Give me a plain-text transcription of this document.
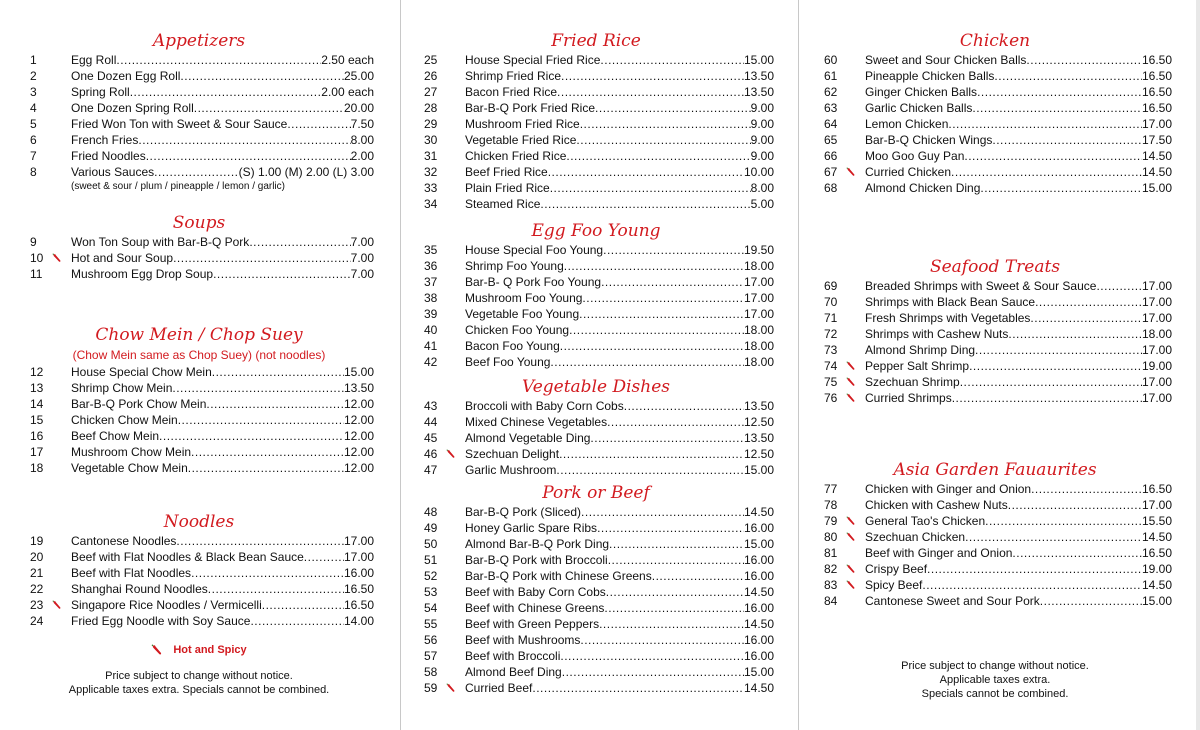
Appetizers
1	Egg Roll .....	2.50 each
2	One Dozen Egg Roll .....	25.00
3	Spring Roll .....	2.00 each
4	One Dozen Spring Roll .....	20.00
5	Fried Won Ton with Sweet & Sour Sauce .....	7.50
6	French Fries .....	8.00
7	Fried Noodles .....	2.00
8	Various Sauces .....	(S) 1.00 (M) 2.00 (L) 3.00
(sweet & sour / plum / pineapple / lemon / garlic)
Soups
9	Won Ton Soup with Bar-B-Q Pork .....	7.00
10	Hot and Sour Soup .....	7.00
11	Mushroom Egg Drop Soup .....	7.00
Chow Mein / Chop Suey
(Chow Mein same as Chop Suey) (not noodles)
12	House Special Chow Mein .....	15.00
13	Shrimp Chow Mein .....	13.50
14	Bar-B-Q Pork Chow Mein .....	12.00
15	Chicken Chow Mein .....	12.00
16	Beef Chow Mein .....	12.00
17	Mushroom Chow Mein .....	12.00
18	Vegetable Chow Mein .....	12.00
Noodles
19	Cantonese Noodles .....	17.00
20	Beef with Flat Noodles & Black Bean Sauce .....	17.00
21	Beef with Flat Noodles .....	16.00
22	Shanghai Round Noodles .....	16.50
23	Singapore Rice Noodles / Vermicelli .....	16.50
24	Fried Egg Noodle with Soy Sauce .....	14.00
Hot and Spicy
Price subject to change without notice.
Applicable taxes extra. Specials cannot be combined.
Fried Rice
25	House Special Fried Rice .....	15.00
26	Shrimp Fried Rice .....	13.50
27	Bacon Fried Rice .....	13.50
28	Bar-B-Q Pork Fried Rice .....	9.00
29	Mushroom Fried Rice .....	9.00
30	Vegetable Fried Rice .....	9.00
31	Chicken Fried Rice .....	9.00
32	Beef Fried Rice .....	10.00
33	Plain Fried Rice .....	8.00
34	Steamed Rice .....	5.00
Egg Foo Young
35	House Special Foo Young .....	19.50
36	Shrimp Foo Young .....	18.00
37	Bar-B- Q Pork Foo Young .....	17.00
38	Mushroom Foo Young .....	17.00
39	Vegetable Foo Young .....	17.00
40	Chicken Foo Young .....	18.00
41	Bacon Foo Young .....	18.00
42	Beef Foo Young .....	18.00
Vegetable Dishes
43	Broccoli with Baby Corn Cobs .....	13.50
44	Mixed Chinese Vegetables .....	12.50
45	Almond Vegetable Ding .....	13.50
46	Szechuan Delight .....	12.50
47	Garlic Mushroom .....	15.00
Pork or Beef
48	Bar-B-Q Pork (Sliced) .....	14.50
49	Honey Garlic Spare Ribs .....	16.00
50	Almond Bar-B-Q Pork Ding .....	15.00
51	Bar-B-Q Pork with Broccoli .....	16.00
52	Bar-B-Q Pork with Chinese Greens .....	16.00
53	Beef with Baby Corn Cobs .....	14.50
54	Beef with Chinese Greens .....	16.00
55	Beef with Green Peppers .....	14.50
56	Beef with Mushrooms .....	16.00
57	Beef with Broccoli .....	16.00
58	Almond Beef Ding .....	15.00
59	Curried Beef .....	14.50
Chicken
60	Sweet and Sour Chicken Balls .....	16.50
61	Pineapple Chicken Balls .....	16.50
62	Ginger Chicken Balls .....	16.50
63	Garlic Chicken Balls .....	16.50
64	Lemon Chicken .....	17.00
65	Bar-B-Q Chicken Wings .....	17.50
66	Moo Goo Guy Pan .....	14.50
67	Curried Chicken .....	14.50
68	Almond Chicken Ding .....	15.00
Seafood Treats
69	Breaded Shrimps with Sweet & Sour Sauce .....	17.00
70	Shrimps with Black Bean Sauce .....	17.00
71	Fresh Shrimps with Vegetables .....	17.00
72	Shrimps with Cashew Nuts .....	18.00
73	Almond Shrimp Ding .....	17.00
74	Pepper Salt Shrimp .....	19.00
75	Szechuan Shrimp .....	17.00
76	Curried Shrimps .....	17.00
Asia Garden Fauaurites
77	Chicken with Ginger and Onion .....	16.50
78	Chicken with Cashew Nuts .....	17.00
79	General Tao's Chicken .....	15.50
80	Szechuan Chicken .....	14.50
81	Beef with Ginger and Onion .....	16.50
82	Crispy Beef .....	19.00
83	Spicy Beef .....	14.50
84	Cantonese Sweet and Sour Pork .....	15.00
Price subject to change without notice.
Applicable taxes extra.
Specials cannot be combined.
